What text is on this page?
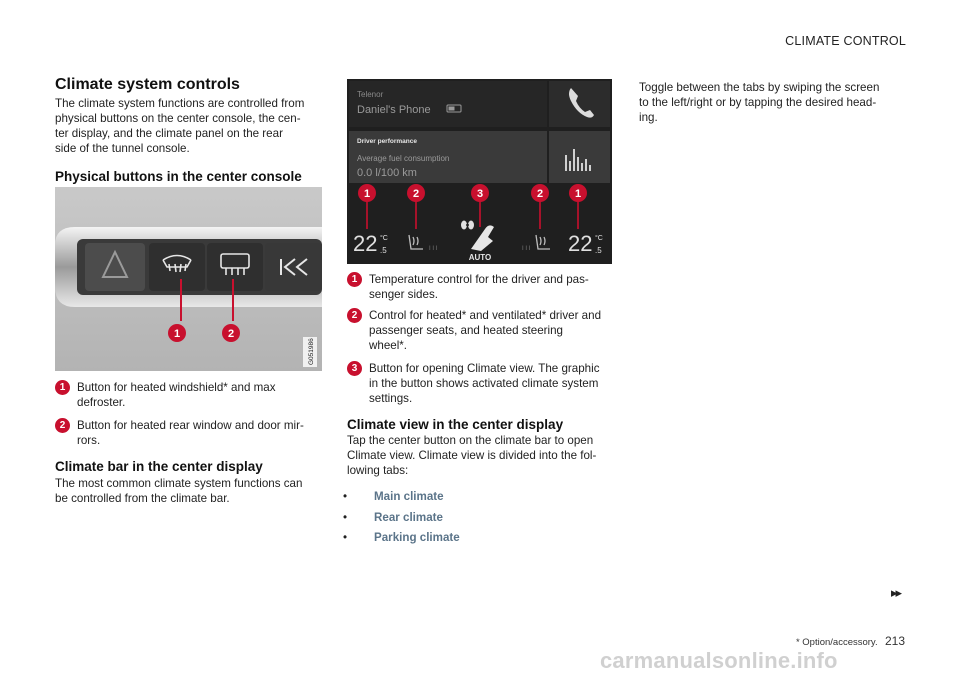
CLIMATE CONTROL
Climate system controls
The climate system functions are controlled from
physical buttons on the center console, the cen-
ter display, and the climate panel on the rear
side of the tunnel console.
Physical buttons in the center console
1	2
G051986
1	Button for heated windshield* and max
defroster.
2	Button for heated rear window and door mir-
rors.
Climate bar in the center display
The most common climate system functions can
be controlled from the climate bar.
Telenor
Daniel's Phone
Driver performance
Average fuel consumption
0.0 l/100 km
1	2	3	2	1
22 °C
.5	I I I
AUTO
I I I 22 °C
.5
1	Temperature control for the driver and pas-
senger sides.
2	Control for heated* and ventilated* driver and
passenger seats, and heated steering
wheel*.
3	Button for opening Climate view. The graphic
in the button shows activated climate system
settings.
Climate view in the center display
Tap the center button on the climate bar to open
Climate view. Climate view is divided into the fol-
lowing tabs:
• Main climate
• Rear climate
• Parking climate
Toggle between the tabs by swiping the screen
to the left/right or by tapping the desired head-
ing.
▸▸
* Option/accessory. 213
carmanualsonline.info
